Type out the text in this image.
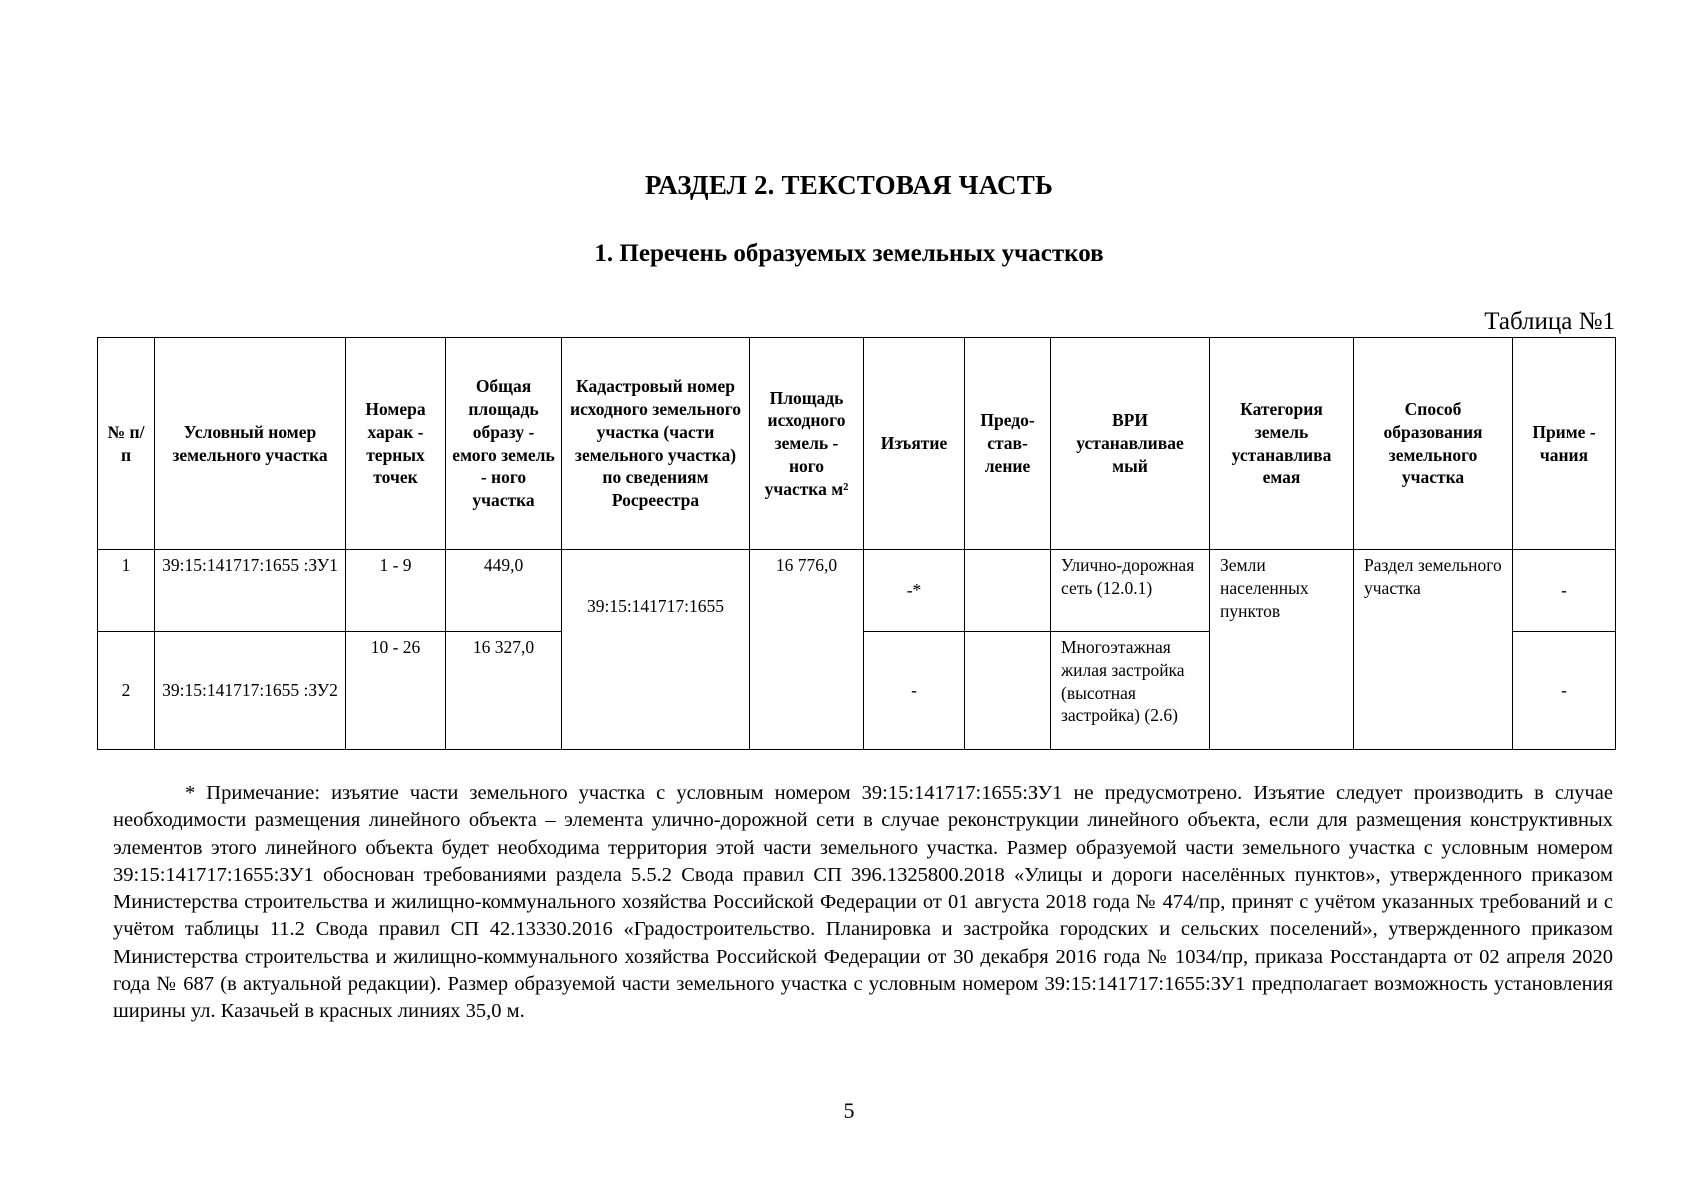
РАЗДЕЛ 2. ТЕКСТОВАЯ ЧАСТЬ
1. Перечень образуемых земельных участков
Таблица №1
№ п/п	Условный номер земельного участка	Номера харак - терных точек	Общая площадь образу - емого земель - ного участка	Кадастровый номер исходного земельного участка (части земельного участка) по сведениям Росреестра	Площадь исходного земель - ного участка м²	Изъятие	Предо- став- ление	ВРИ устанавливае мый	Категория земель устанавлива емая	Способ образования земельного участка	Приме - чания
1	39:15:141717:1655 :ЗУ1	1 - 9	449,0	39:15:141717:1655	16 776,0	-*		Улично-дорожная сеть (12.0.1)	Земли населенных пунктов	Раздел земельного участка	-
2	39:15:141717:1655 :ЗУ2	10 - 26	16 327,0			-		Многоэтажная жилая застройка (высотная застройка) (2.6)			-
* Примечание: изъятие части земельного участка с условным номером 39:15:141717:1655:ЗУ1 не предусмотрено. Изъятие следует производить в случае необходимости размещения линейного объекта – элемента улично-дорожной сети в случае реконструкции линейного объекта, если для размещения конструктивных элементов этого линейного объекта будет необходима территория этой части земельного участка. Размер образуемой части земельного участка с условным номером 39:15:141717:1655:ЗУ1 обоснован требованиями раздела 5.5.2 Свода правил СП 396.1325800.2018 «Улицы и дороги населённых пунктов», утвержденного приказом Министерства строительства и жилищно-коммунального хозяйства Российской Федерации от 01 августа 2018 года № 474/пр, принят с учётом указанных требований и с учётом таблицы 11.2 Свода правил СП 42.13330.2016 «Градостроительство. Планировка и застройка городских и сельских поселений», утвержденного приказом Министерства строительства и жилищно-коммунального хозяйства Российской Федерации от 30 декабря 2016 года № 1034/пр, приказа Росстандарта от 02 апреля 2020 года № 687 (в актуальной редакции). Размер образуемой части земельного участка с условным номером 39:15:141717:1655:ЗУ1 предполагает возможность установления ширины ул. Казачьей в красных линиях 35,0 м.
5
